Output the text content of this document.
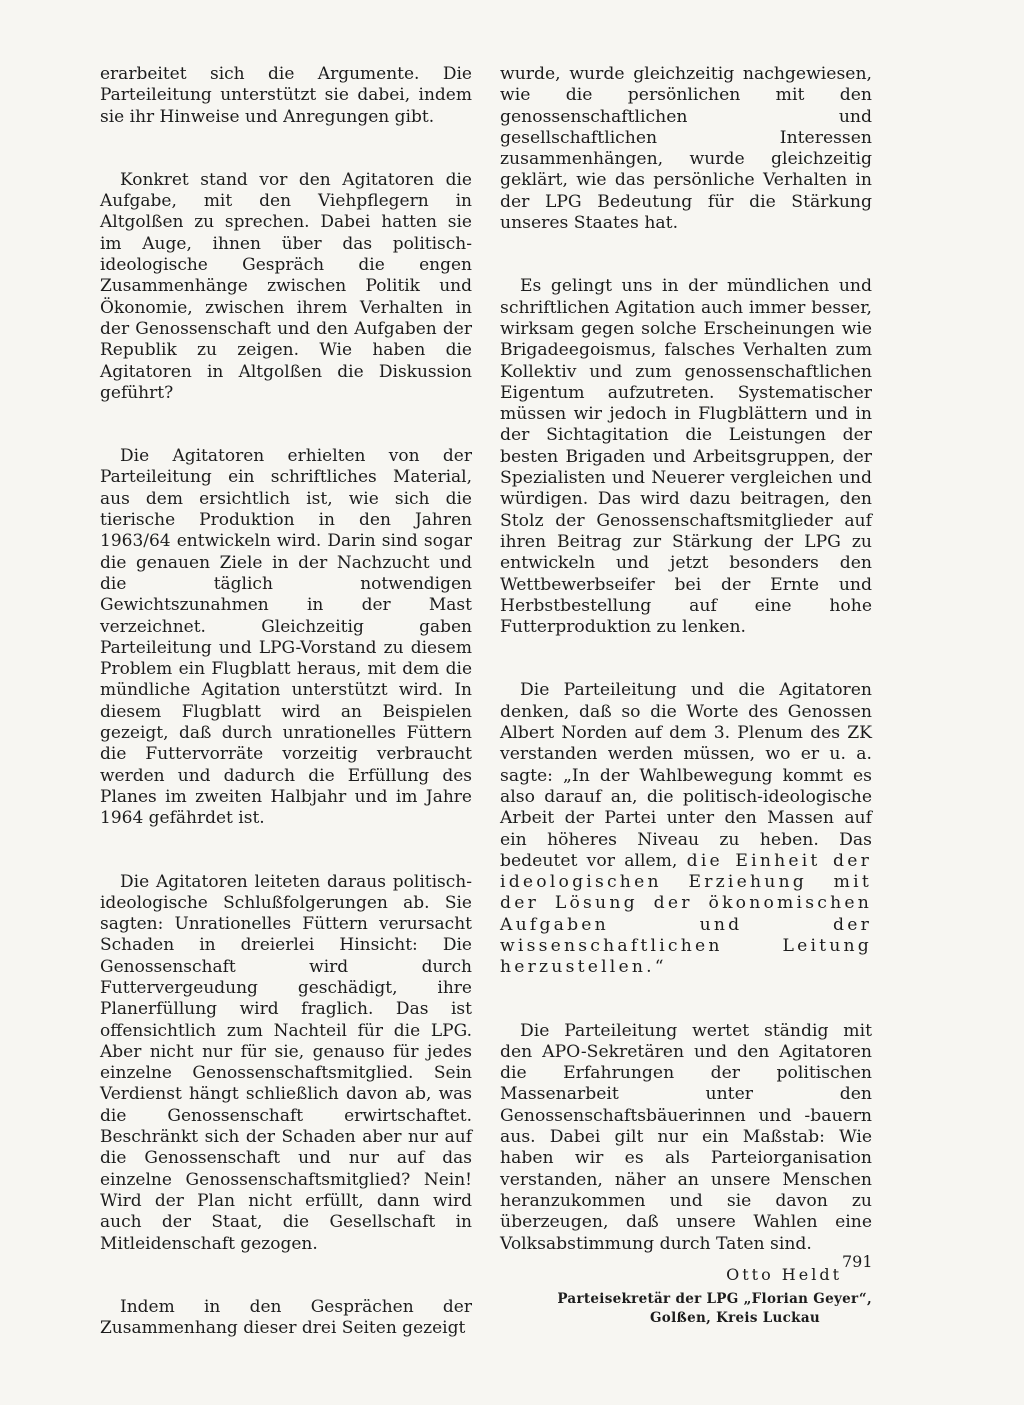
erarbeitet sich die Argumente. Die Parteileitung unterstützt sie dabei, indem sie ihr Hinweise und Anregungen gibt.

Konkret stand vor den Agitatoren die Aufgabe, mit den Viehpflegern in Altgolßen zu sprechen. Dabei hatten sie im Auge, ihnen über das politisch-ideologische Gespräch die engen Zusammenhänge zwischen Politik und Ökonomie, zwischen ihrem Verhalten in der Genossenschaft und den Aufgaben der Republik zu zeigen. Wie haben die Agitatoren in Altgolßen die Diskussion geführt?

Die Agitatoren erhielten von der Parteileitung ein schriftliches Material, aus dem ersichtlich ist, wie sich die tierische Produktion in den Jahren 1963/64 entwickeln wird. Darin sind sogar die genauen Ziele in der Nachzucht und die täglich notwendigen Gewichtszunahmen in der Mast verzeichnet. Gleichzeitig gaben Parteileitung und LPG-Vorstand zu diesem Problem ein Flugblatt heraus, mit dem die mündliche Agitation unterstützt wird. In diesem Flugblatt wird an Beispielen gezeigt, daß durch unrationelles Füttern die Futtervorräte vorzeitig verbraucht werden und dadurch die Erfüllung des Planes im zweiten Halbjahr und im Jahre 1964 gefährdet ist.

Die Agitatoren leiteten daraus politisch-ideologische Schlußfolgerungen ab. Sie sagten: Unrationelles Füttern verursacht Schaden in dreierlei Hinsicht: Die Genossenschaft wird durch Futtervergeudung geschädigt, ihre Planerfüllung wird fraglich. Das ist offensichtlich zum Nachteil für die LPG. Aber nicht nur für sie, genauso für jedes einzelne Genossenschaftsmitglied. Sein Verdienst hängt schließlich davon ab, was die Genossenschaft erwirtschaftet. Beschränkt sich der Schaden aber nur auf die Genossenschaft und nur auf das einzelne Genossenschaftsmitglied? Nein! Wird der Plan nicht erfüllt, dann wird auch der Staat, die Gesellschaft in Mitleidenschaft gezogen.

Indem in den Gesprächen der Zusammenhang dieser drei Seiten gezeigt

wurde, wurde gleichzeitig nachgewiesen, wie die persönlichen mit den genossenschaftlichen und gesellschaftlichen Interessen zusammenhängen, wurde gleichzeitig geklärt, wie das persönliche Verhalten in der LPG Bedeutung für die Stärkung unseres Staates hat.

Es gelingt uns in der mündlichen und schriftlichen Agitation auch immer besser, wirksam gegen solche Erscheinungen wie Brigadeegoismus, falsches Verhalten zum Kollektiv und zum genossenschaftlichen Eigentum aufzutreten. Systematischer müssen wir jedoch in Flugblättern und in der Sichtagitation die Leistungen der besten Brigaden und Arbeitsgruppen, der Spezialisten und Neuerer vergleichen und würdigen. Das wird dazu beitragen, den Stolz der Genossenschaftsmitglieder auf ihren Beitrag zur Stärkung der LPG zu entwickeln und jetzt besonders den Wettbewerbseifer bei der Ernte und Herbstbestellung auf eine hohe Futterproduktion zu lenken.

Die Parteileitung und die Agitatoren denken, daß so die Worte des Genossen Albert Norden auf dem 3. Plenum des ZK verstanden werden müssen, wo er u. a. sagte: „In der Wahlbewegung kommt es also darauf an, die politisch-ideologische Arbeit der Partei unter den Massen auf ein höheres Niveau zu heben. Das bedeutet vor allem, die Einheit der ideologischen Erziehung mit der Lösung der ökonomischen Aufgaben und der wissenschaftlichen Leitung herzustellen.“

Die Parteileitung wertet ständig mit den APO-Sekretären und den Agitatoren die Erfahrungen der politischen Massenarbeit unter den Genossenschaftsbäuerinnen und -bauern aus. Dabei gilt nur ein Maßstab: Wie haben wir es als Parteiorganisation verstanden, näher an unsere Menschen heranzukommen und sie davon zu überzeugen, daß unsere Wahlen eine Volksabstimmung durch Taten sind.

Otto Heldt
Parteisekretär der LPG „Florian Geyer“,
Golßen, Kreis Luckau
791
